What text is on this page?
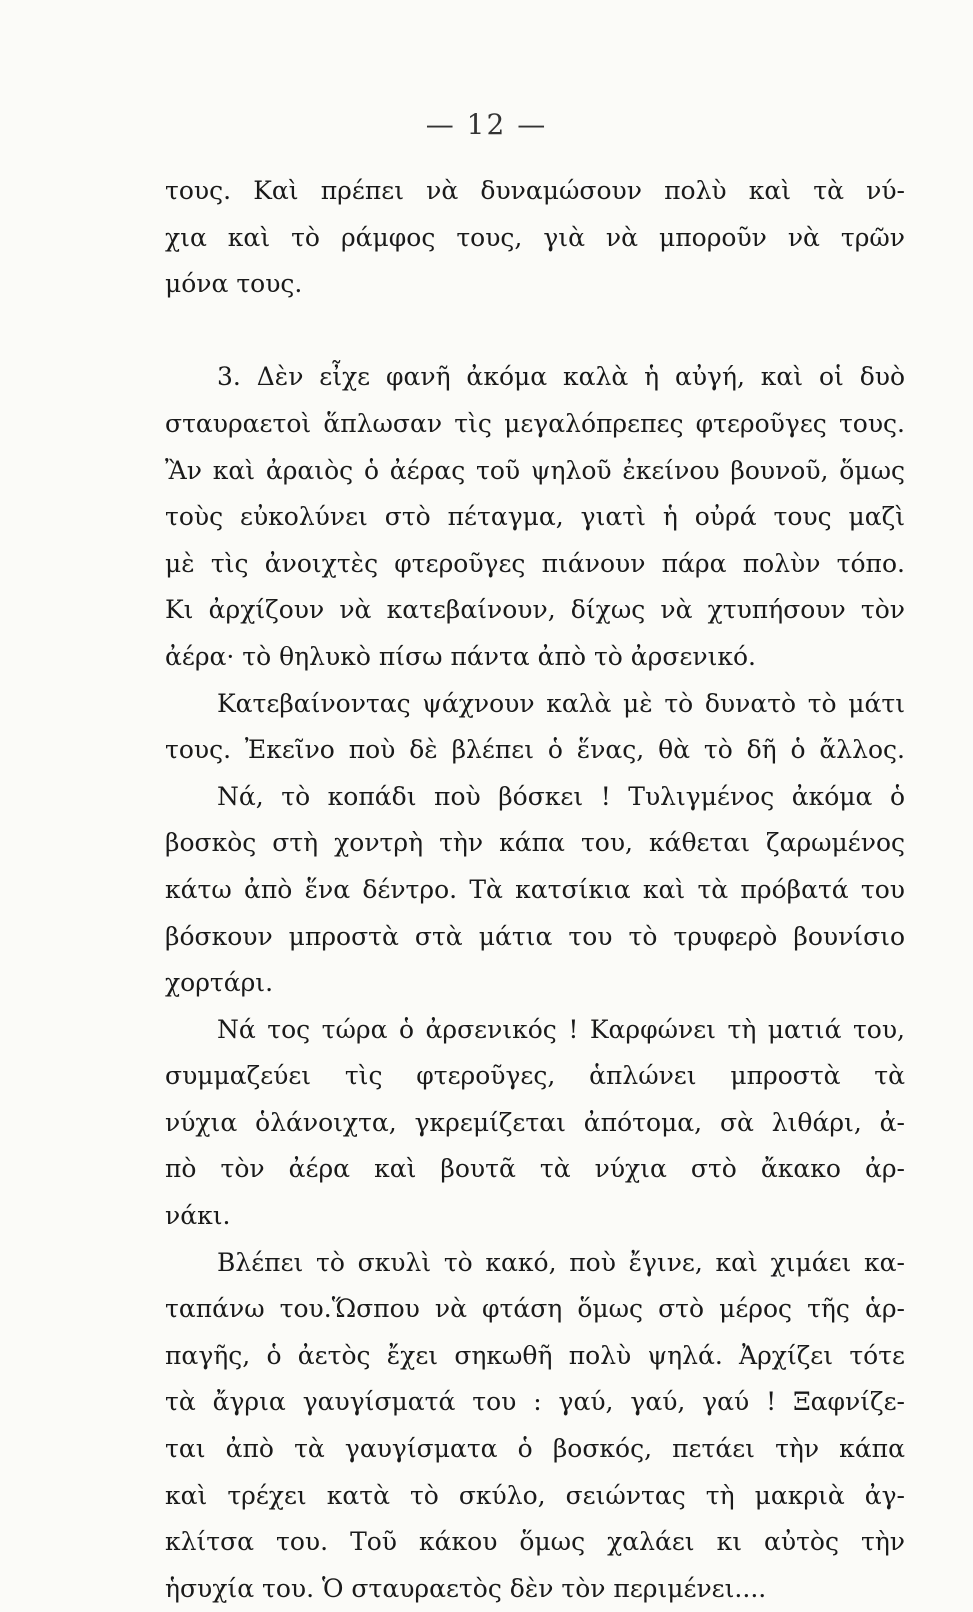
— 12 —
τους. Καὶ πρέπει νὰ δυναμώσουν πολὺ καὶ τὰ νύ-
χια καὶ τὸ ράμφος τους, γιὰ νὰ μποροῦν νὰ τρῶν
μόνα τους.
3. Δὲν εἶχε φανῆ ἀκόμα καλὰ ἡ αὐγή, καὶ οἱ δυὸ
σταυραετοὶ ἅπλωσαν τὶς μεγαλόπρεπες φτεροῦγες τους.
Ἂν καὶ ἀραιὸς ὁ ἀέρας τοῦ ψηλοῦ ἐκείνου βουνοῦ, ὅμως
τοὺς εὐκολύνει στὸ πέταγμα, γιατὶ ἡ οὐρά τους μαζὶ
μὲ τὶς ἀνοιχτὲς φτεροῦγες πιάνουν πάρα πολὺν τόπο.
Κι ἀρχίζουν νὰ κατεβαίνουν, δίχως νὰ χτυπήσουν τὸν
ἀέρα· τὸ θηλυκὸ πίσω πάντα ἀπὸ τὸ ἀρσενικό.
Κατεβαίνοντας ψάχνουν καλὰ μὲ τὸ δυνατὸ τὸ μάτι
τους. Ἐκεῖνο ποὺ δὲ βλέπει ὁ ἕνας, θὰ τὸ δῆ ὁ ἄλλος.
Νά, τὸ κοπάδι ποὺ βόσκει ! Τυλιγμένος ἀκόμα ὁ
βοσκὸς στὴ χοντρὴ τὴν κάπα του, κάθεται ζαρωμένος
κάτω ἀπὸ ἕνα δέντρο. Τὰ κατσίκια καὶ τὰ πρόβατά του
βόσκουν μπροστὰ στὰ μάτια του τὸ τρυφερὸ βουνίσιο
χορτάρι.
Νά τος τώρα ὁ ἀρσενικός ! Καρφώνει τὴ ματιά του,
συμμαζεύει τὶς φτεροῦγες, ἁπλώνει μπροστὰ τὰ
νύχια ὁλάνοιχτα, γκρεμίζεται ἀπότομα, σὰ λιθάρι, ἀ-
πὸ τὸν ἀέρα καὶ βουτᾶ τὰ νύχια στὸ ἄκακο ἀρ-
νάκι.
Βλέπει τὸ σκυλὶ τὸ κακό, ποὺ ἔγινε, καὶ χιμάει κα-
ταπάνω του.Ὥσπου νὰ φτάση ὅμως στὸ μέρος τῆς ἁρ-
παγῆς, ὁ ἀετὸς ἔχει σηκωθῆ πολὺ ψηλά. Ἀρχίζει τότε
τὰ ἄγρια γαυγίσματά του : γαύ, γαύ, γαύ ! Ξαφνίζε-
ται ἀπὸ τὰ γαυγίσματα ὁ βοσκός, πετάει τὴν κάπα
καὶ τρέχει κατὰ τὸ σκύλο, σειώντας τὴ μακριὰ ἀγ-
κλίτσα του. Τοῦ κάκου ὅμως χαλάει κι αὐτὸς τὴν
ἡσυχία του. Ὁ σταυραετὸς δὲν τὸν περιμένει....
